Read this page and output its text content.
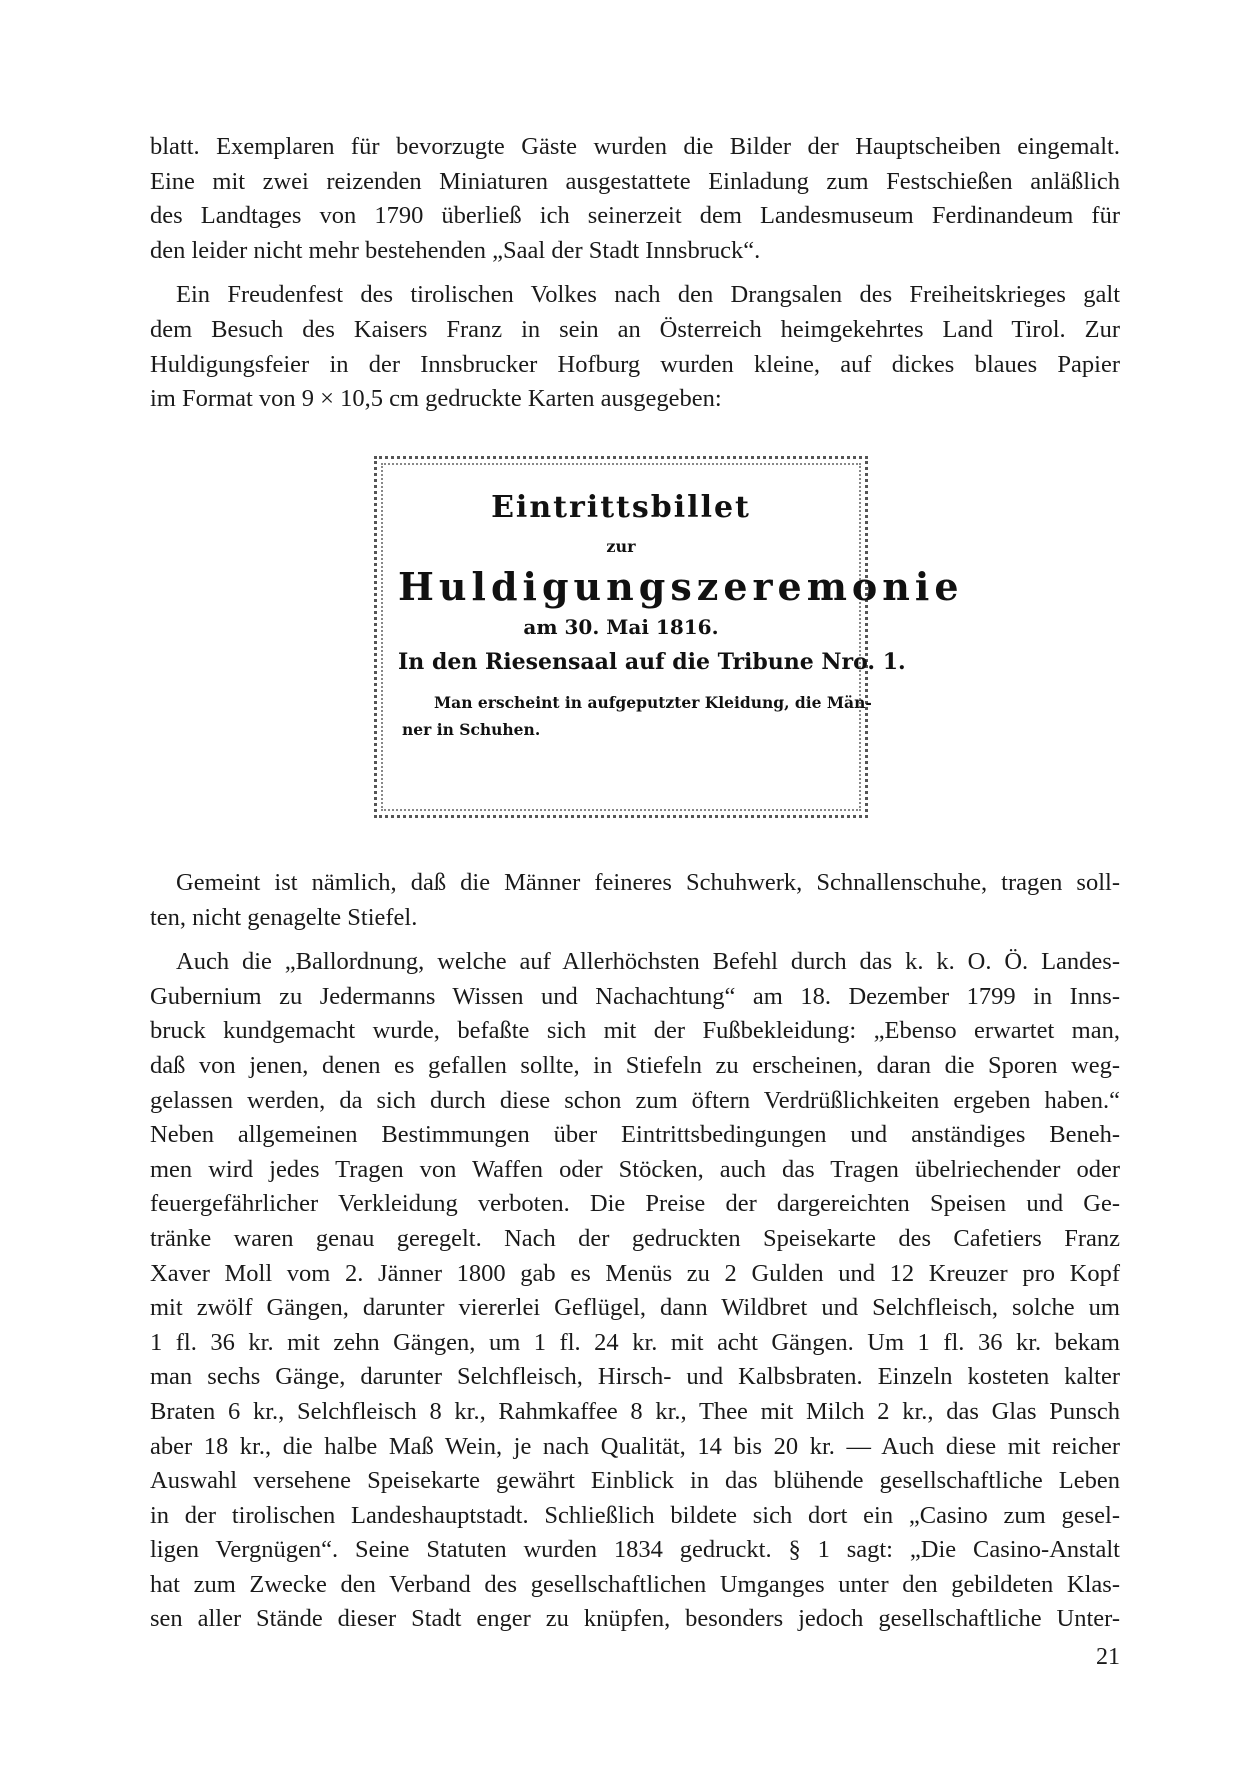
blatt. Exemplaren für bevorzugte Gäste wurden die Bilder der Hauptscheiben eingemalt.
Eine mit zwei reizenden Miniaturen ausgestattete Einladung zum Festschießen anläßlich
des Landtages von 1790 überließ ich seinerzeit dem Landesmuseum Ferdinandeum für
den leider nicht mehr bestehenden „Saal der Stadt Innsbruck“.

Ein Freudenfest des tirolischen Volkes nach den Drangsalen des Freiheitskrieges galt
dem Besuch des Kaisers Franz in sein an Österreich heimgekehrtes Land Tirol. Zur
Huldigungsfeier in der Innsbrucker Hofburg wurden kleine, auf dickes blaues Papier
im Format von 9 × 10,5 cm gedruckte Karten ausgegeben:

Eintrittsbillet
zur
Huldigungszeremonie
am 30. Mai 1816.
In den Riesensaal auf die Tribune Nro. 1.
Man erscheint in aufgeputzter Kleidung, die Män-
ner in Schuhen.

Gemeint ist nämlich, daß die Männer feineres Schuhwerk, Schnallenschuhe, tragen soll-
ten, nicht genagelte Stiefel.

Auch die „Ballordnung, welche auf Allerhöchsten Befehl durch das k. k. O. Ö. Landes-
Gubernium zu Jedermanns Wissen und Nachachtung“ am 18. Dezember 1799 in Inns-
bruck kundgemacht wurde, befaßte sich mit der Fußbekleidung: „Ebenso erwartet man,
daß von jenen, denen es gefallen sollte, in Stiefeln zu erscheinen, daran die Sporen weg-
gelassen werden, da sich durch diese schon zum öftern Verdrüßlichkeiten ergeben haben.“
Neben allgemeinen Bestimmungen über Eintrittsbedingungen und anständiges Beneh-
men wird jedes Tragen von Waffen oder Stöcken, auch das Tragen übelriechender oder
feuergefährlicher Verkleidung verboten. Die Preise der dargereichten Speisen und Ge-
tränke waren genau geregelt. Nach der gedruckten Speisekarte des Cafetiers Franz
Xaver Moll vom 2. Jänner 1800 gab es Menüs zu 2 Gulden und 12 Kreuzer pro Kopf
mit zwölf Gängen, darunter viererlei Geflügel, dann Wildbret und Selchfleisch, solche um
1 fl. 36 kr. mit zehn Gängen, um 1 fl. 24 kr. mit acht Gängen. Um 1 fl. 36 kr. bekam
man sechs Gänge, darunter Selchfleisch, Hirsch- und Kalbsbraten. Einzeln kosteten kalter
Braten 6 kr., Selchfleisch 8 kr., Rahmkaffee 8 kr., Thee mit Milch 2 kr., das Glas Punsch
aber 18 kr., die halbe Maß Wein, je nach Qualität, 14 bis 20 kr. — Auch diese mit reicher
Auswahl versehene Speisekarte gewährt Einblick in das blühende gesellschaftliche Leben
in der tirolischen Landeshauptstadt. Schließlich bildete sich dort ein „Casino zum gesel-
ligen Vergnügen“. Seine Statuten wurden 1834 gedruckt. § 1 sagt: „Die Casino-Anstalt
hat zum Zwecke den Verband des gesellschaftlichen Umganges unter den gebildeten Klas-
sen aller Stände dieser Stadt enger zu knüpfen, besonders jedoch gesellschaftliche Unter-

21
